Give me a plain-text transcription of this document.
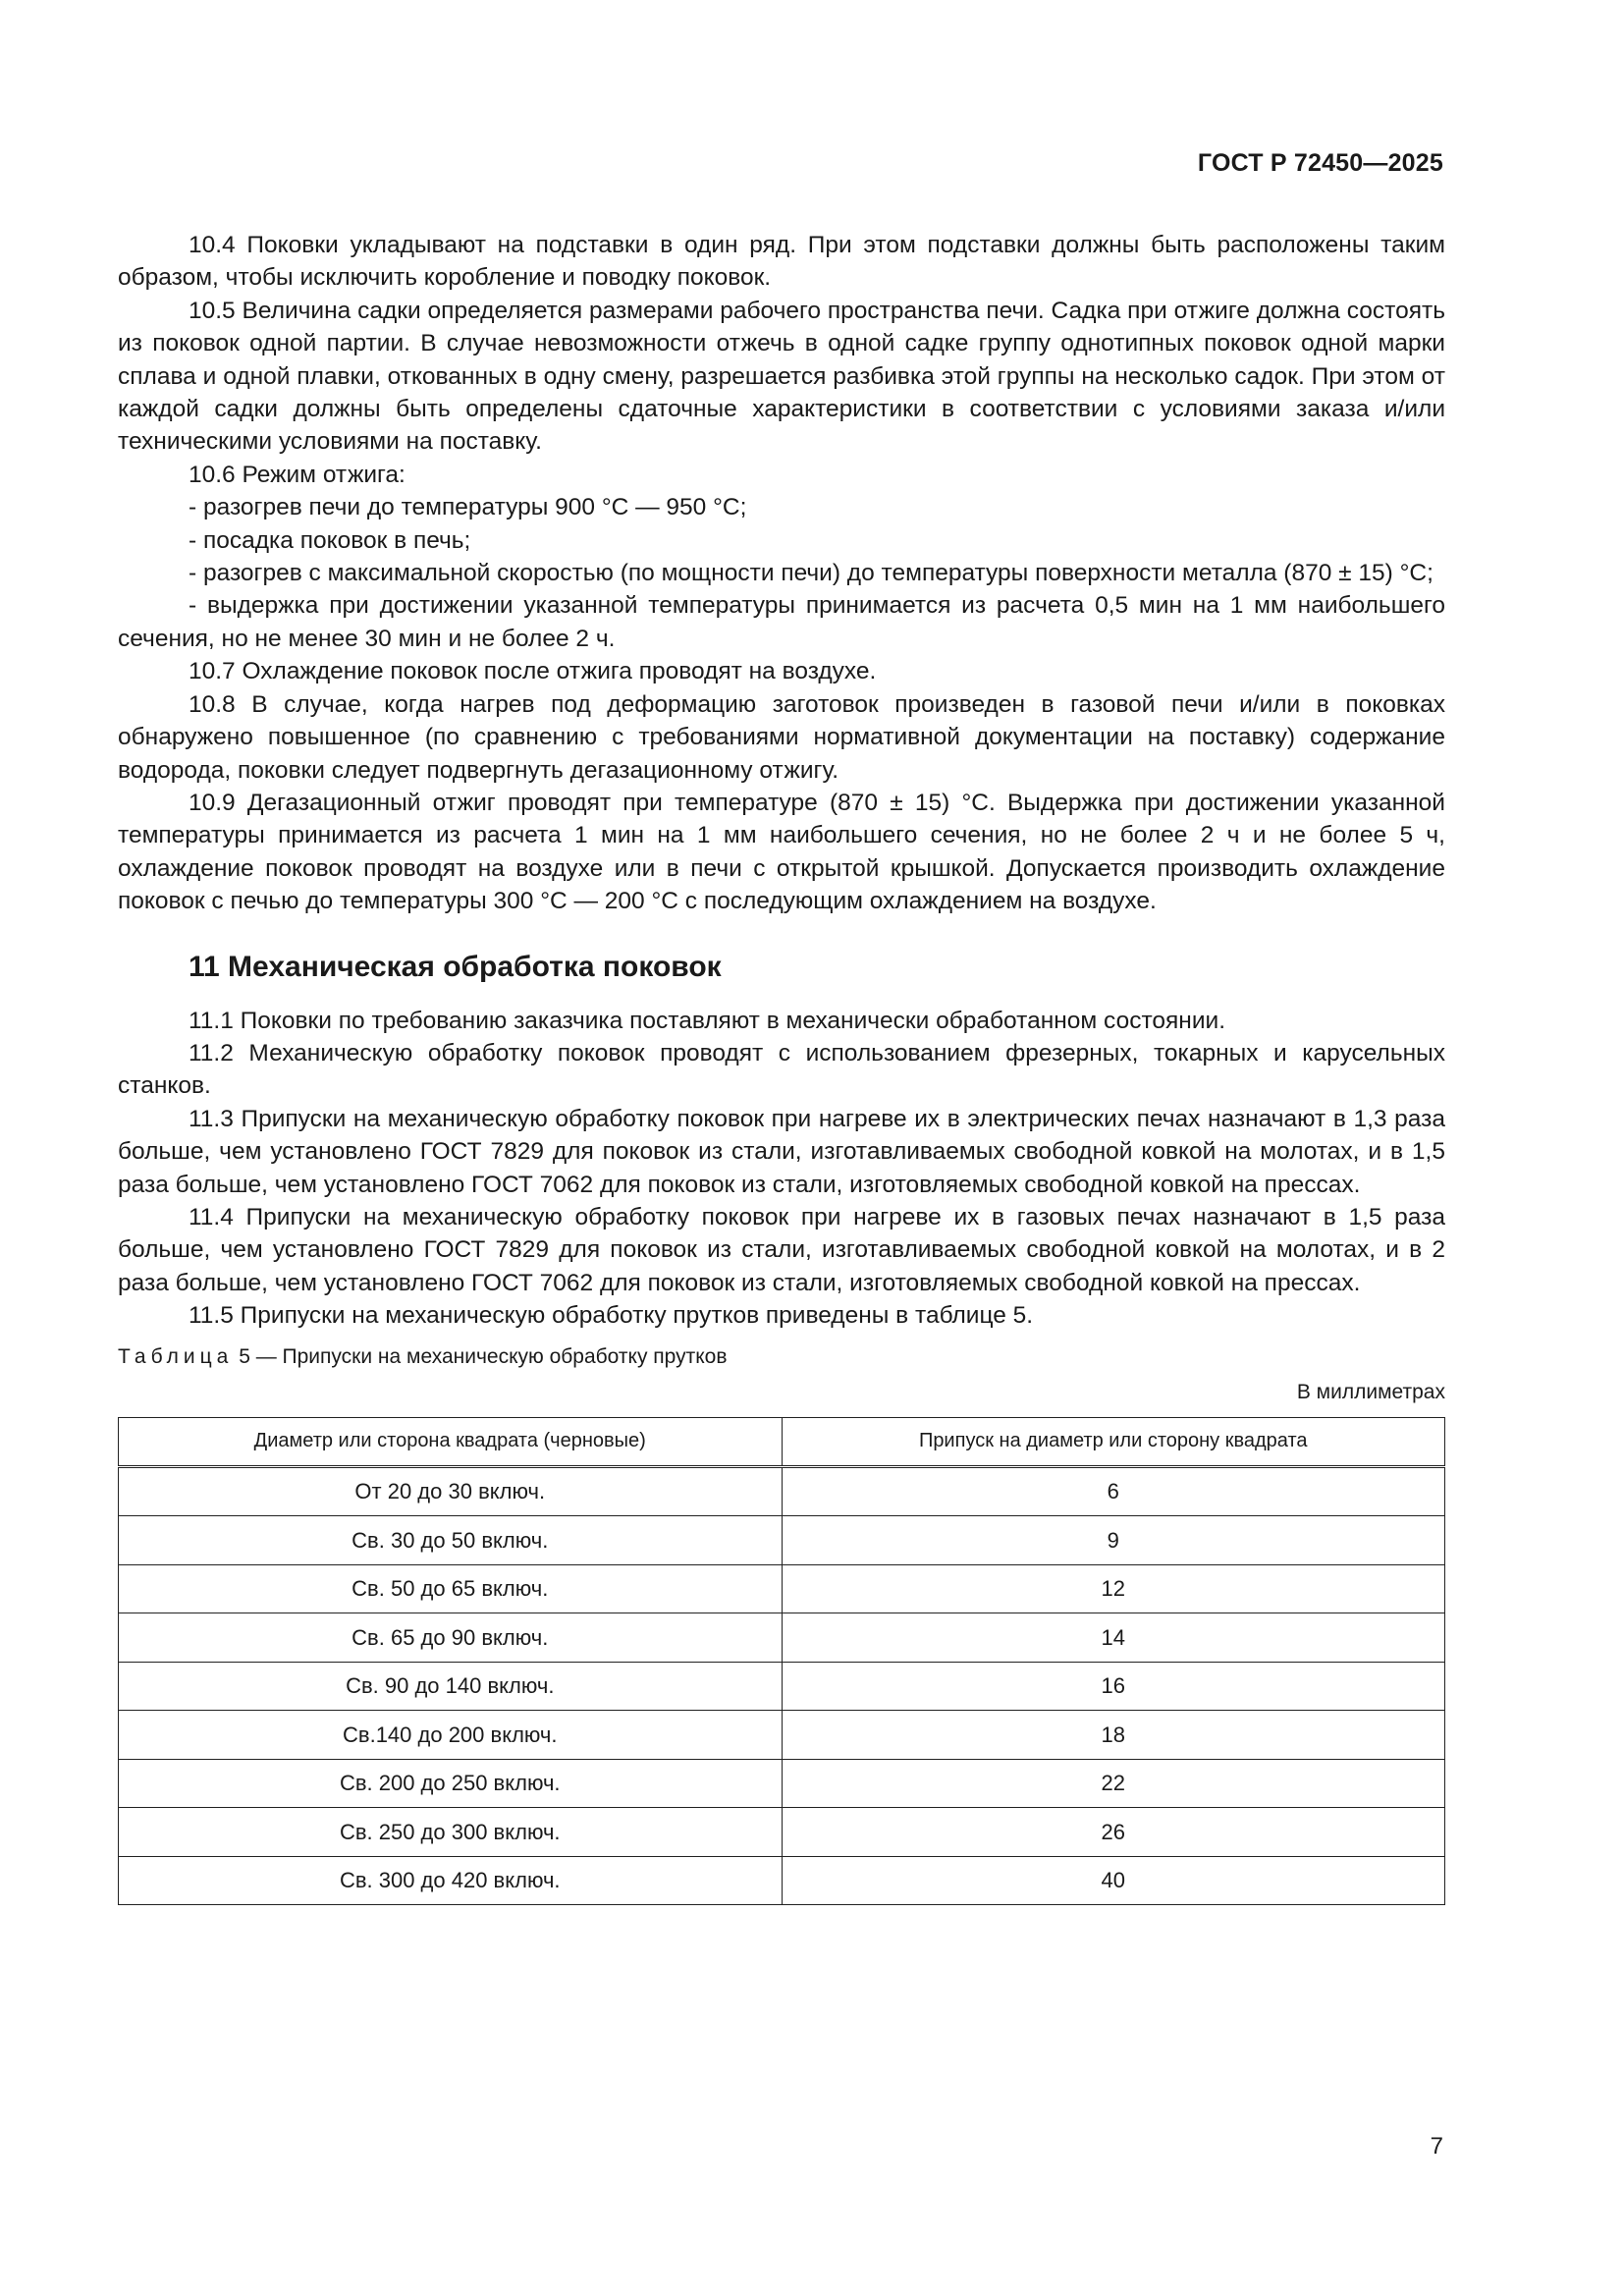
ГОСТ Р 72450—2025

10.4 Поковки укладывают на подставки в один ряд. При этом подставки должны быть расположены таким образом, чтобы исключить коробление и поводку поковок.

10.5 Величина садки определяется размерами рабочего пространства печи. Садка при отжиге должна состоять из поковок одной партии. В случае невозможности отжечь в одной садке группу однотипных поковок одной марки сплава и одной плавки, откованных в одну смену, разрешается разбивка этой группы на несколько садок. При этом от каждой садки должны быть определены сдаточные характеристики в соответствии с условиями заказа и/или техническими условиями на поставку.

10.6 Режим отжига:

- разогрев печи до температуры 900 °С — 950 °С;

- посадка поковок в печь;

- разогрев с максимальной скоростью (по мощности печи) до температуры поверхности металла (870 ± 15) °С;

- выдержка при достижении указанной температуры принимается из расчета 0,5 мин на 1 мм наибольшего сечения, но не менее 30 мин и не более 2 ч.

10.7 Охлаждение поковок после отжига проводят на воздухе.

10.8 В случае, когда нагрев под деформацию заготовок произведен в газовой печи и/или в поковках обнаружено повышенное (по сравнению с требованиями нормативной документации на поставку) содержание водорода, поковки следует подвергнуть дегазационному отжигу.

10.9 Дегазационный отжиг проводят при температуре (870 ± 15) °С. Выдержка при достижении указанной температуры принимается из расчета 1 мин на 1 мм наибольшего сечения, но не более 2 ч и не более 5 ч, охлаждение поковок проводят на воздухе или в печи с открытой крышкой. Допускается производить охлаждение поковок с печью до температуры 300 °С — 200 °С с последующим охлаждением на воздухе.

11 Механическая обработка поковок

11.1 Поковки по требованию заказчика поставляют в механически обработанном состоянии.

11.2 Механическую обработку поковок проводят с использованием фрезерных, токарных и карусельных станков.

11.3 Припуски на механическую обработку поковок при нагреве их в электрических печах назначают в 1,3 раза больше, чем установлено ГОСТ 7829 для поковок из стали, изготавливаемых свободной ковкой на молотах, и в 1,5 раза больше, чем установлено ГОСТ 7062 для поковок из стали, изготовляемых свободной ковкой на прессах.

11.4 Припуски на механическую обработку поковок при нагреве их в газовых печах назначают в 1,5 раза больше, чем установлено ГОСТ 7829 для поковок из стали, изготавливаемых свободной ковкой на молотах, и в 2 раза больше, чем установлено ГОСТ 7062 для поковок из стали, изготовляемых свободной ковкой на прессах.

11.5 Припуски на механическую обработку прутков приведены в таблице 5.

Таблица 5 — Припуски на механическую обработку прутков
В миллиметрах
Диаметр или сторона квадрата (черновые)	Припуск на диаметр или сторону квадрата
От 20 до 30 включ.	6
Св. 30 до 50 включ.	9
Св. 50 до 65 включ.	12
Св. 65 до 90 включ.	14
Св. 90 до 140 включ.	16
Св.140 до 200 включ.	18
Св. 200 до 250 включ.	22
Св. 250 до 300 включ.	26
Св. 300 до 420 включ.	40
7
